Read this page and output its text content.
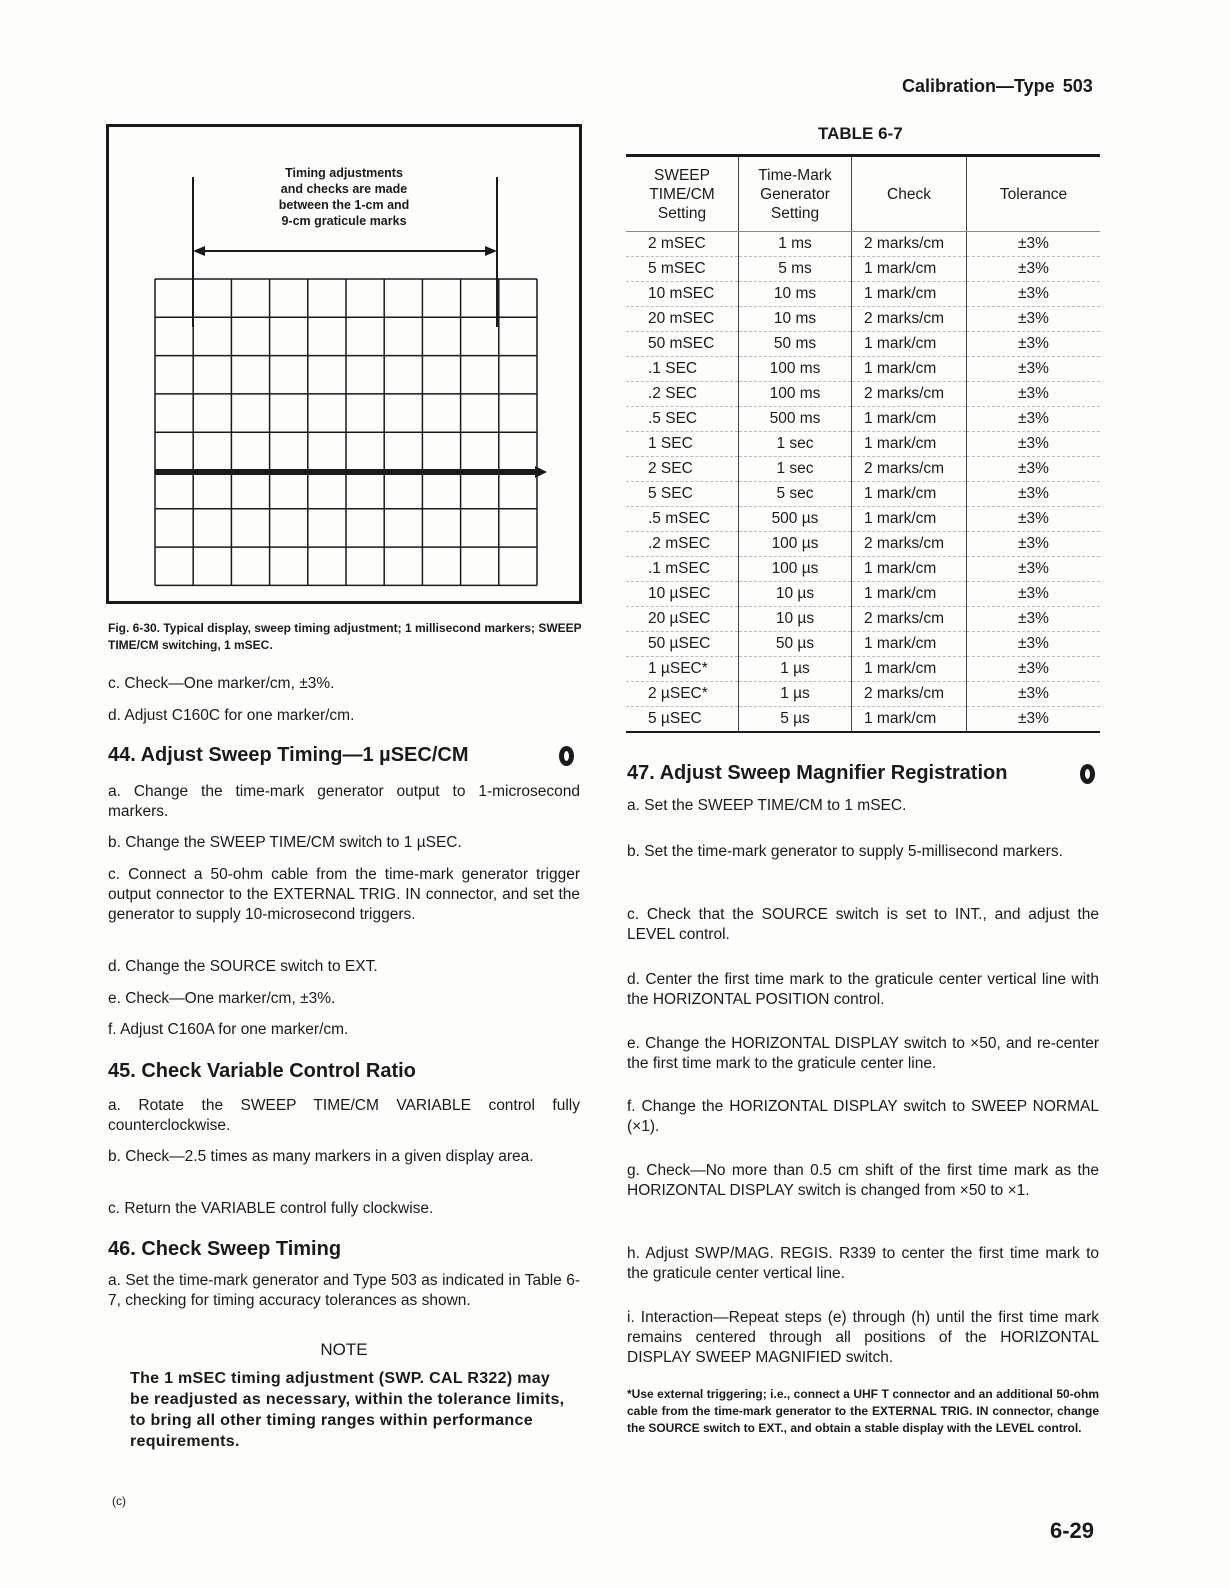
Calibration—Type 503
Timing adjustments
and checks are made
between the 1-cm and
9-cm graticule marks
Fig. 6-30. Typical display, sweep timing adjustment; 1 millisecond markers; SWEEP TIME/CM switching, 1 mSEC.
c. Check—One marker/cm, ±3%.
d. Adjust C160C for one marker/cm.
44. Adjust Sweep Timing—1 µSEC/CM
a. Change the time-mark generator output to 1-microsecond markers.
b. Change the SWEEP TIME/CM switch to 1 µSEC.
c. Connect a 50-ohm cable from the time-mark generator trigger output connector to the EXTERNAL TRIG. IN connector, and set the generator to supply 10-microsecond triggers.
d. Change the SOURCE switch to EXT.
e. Check—One marker/cm, ±3%.
f. Adjust C160A for one marker/cm.
45. Check Variable Control Ratio
a. Rotate the SWEEP TIME/CM VARIABLE control fully counterclockwise.
b. Check—2.5 times as many markers in a given display area.
c. Return the VARIABLE control fully clockwise.
46. Check Sweep Timing
a. Set the time-mark generator and Type 503 as indicated in Table 6-7, checking for timing accuracy tolerances as shown.
NOTE
The 1 mSEC timing adjustment (SWP. CAL R322) may be readjusted as necessary, within the tolerance limits, to bring all other timing ranges within performance requirements.
TABLE 6-7
SWEEP TIME/CM Setting	Time-Mark Generator Setting	Check	Tolerance
2 mSEC	1 ms	2 marks/cm	±3%
5 mSEC	5 ms	1 mark/cm	±3%
10 mSEC	10 ms	1 mark/cm	±3%
20 mSEC	10 ms	2 marks/cm	±3%
50 mSEC	50 ms	1 mark/cm	±3%
.1 SEC	100 ms	1 mark/cm	±3%
.2 SEC	100 ms	2 marks/cm	±3%
.5 SEC	500 ms	1 mark/cm	±3%
1 SEC	1 sec	1 mark/cm	±3%
2 SEC	1 sec	2 marks/cm	±3%
5 SEC	5 sec	1 mark/cm	±3%
.5 mSEC	500 µs	1 mark/cm	±3%
.2 mSEC	100 µs	2 marks/cm	±3%
.1 mSEC	100 µs	1 mark/cm	±3%
10 µSEC	10 µs	1 mark/cm	±3%
20 µSEC	10 µs	2 marks/cm	±3%
50 µSEC	50 µs	1 mark/cm	±3%
1 µSEC*	1 µs	1 mark/cm	±3%
2 µSEC*	1 µs	2 marks/cm	±3%
5 µSEC	5 µs	1 mark/cm	±3%
47. Adjust Sweep Magnifier Registration
a. Set the SWEEP TIME/CM to 1 mSEC.
b. Set the time-mark generator to supply 5-millisecond markers.
c. Check that the SOURCE switch is set to INT., and adjust the LEVEL control.
d. Center the first time mark to the graticule center vertical line with the HORIZONTAL POSITION control.
e. Change the HORIZONTAL DISPLAY switch to ×50, and re-center the first time mark to the graticule center line.
f. Change the HORIZONTAL DISPLAY switch to SWEEP NORMAL (×1).
g. Check—No more than 0.5 cm shift of the first time mark as the HORIZONTAL DISPLAY switch is changed from ×50 to ×1.
h. Adjust SWP/MAG. REGIS. R339 to center the first time mark to the graticule center vertical line.
i. Interaction—Repeat steps (e) through (h) until the first time mark remains centered through all positions of the HORIZONTAL DISPLAY SWEEP MAGNIFIED switch.
*Use external triggering; i.e., connect a UHF T connector and an additional 50-ohm cable from the time-mark generator to the EXTERNAL TRIG. IN connector, change the SOURCE switch to EXT., and obtain a stable display with the LEVEL control.
(c)
6-29
